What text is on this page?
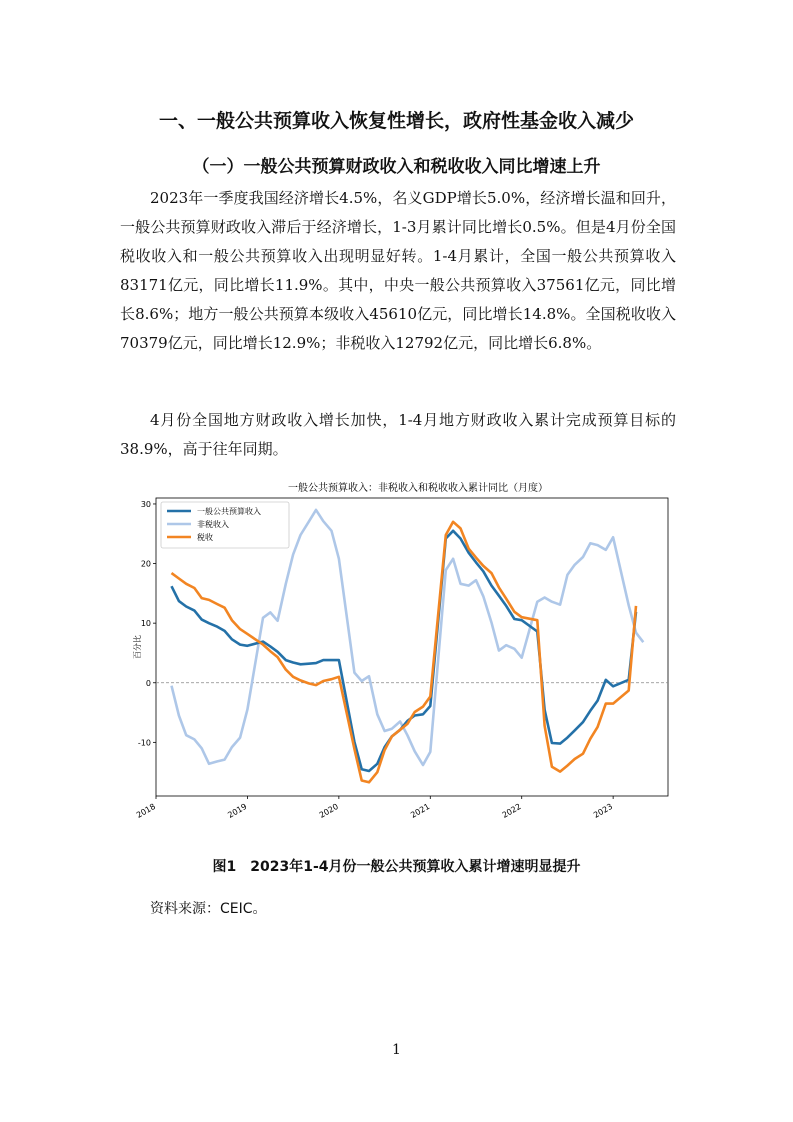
一、一般公共预算收入恢复性增长，政府性基金收入减少
（一）一般公共预算财政收入和税收收入同比增速上升

2023年一季度我国经济增长4.5%，名义GDP增长5.0%，经济增长温和回升，一般公共预算财政收入滞后于经济增长，1-3月累计同比增长0.5%。但是4月份全国税收收入和一般公共预算收入出现明显好转。1-4月累计，全国一般公共预算收入83171亿元，同比增长11.9%。其中，中央一般公共预算收入37561亿元，同比增长8.6%；地方一般公共预算本级收入45610亿元，同比增长14.8%。全国税收收入70379亿元，同比增长12.9%；非税收入12792亿元，同比增长6.8%。

4月份全国地方财政收入增长加快，1-4月地方财政收入累计完成预算目标的38.9%，高于往年同期。

一般公共预算收入：非税收入和税收收入累计同比（月度）
-10
0
10
20
30
2018	2019	2020	2021	2022	2023
一般公共预算收入
非税收入
税收
百分比
图1　2023年1-4月份一般公共预算收入累计增速明显提升
资料来源：CEIC。
1
